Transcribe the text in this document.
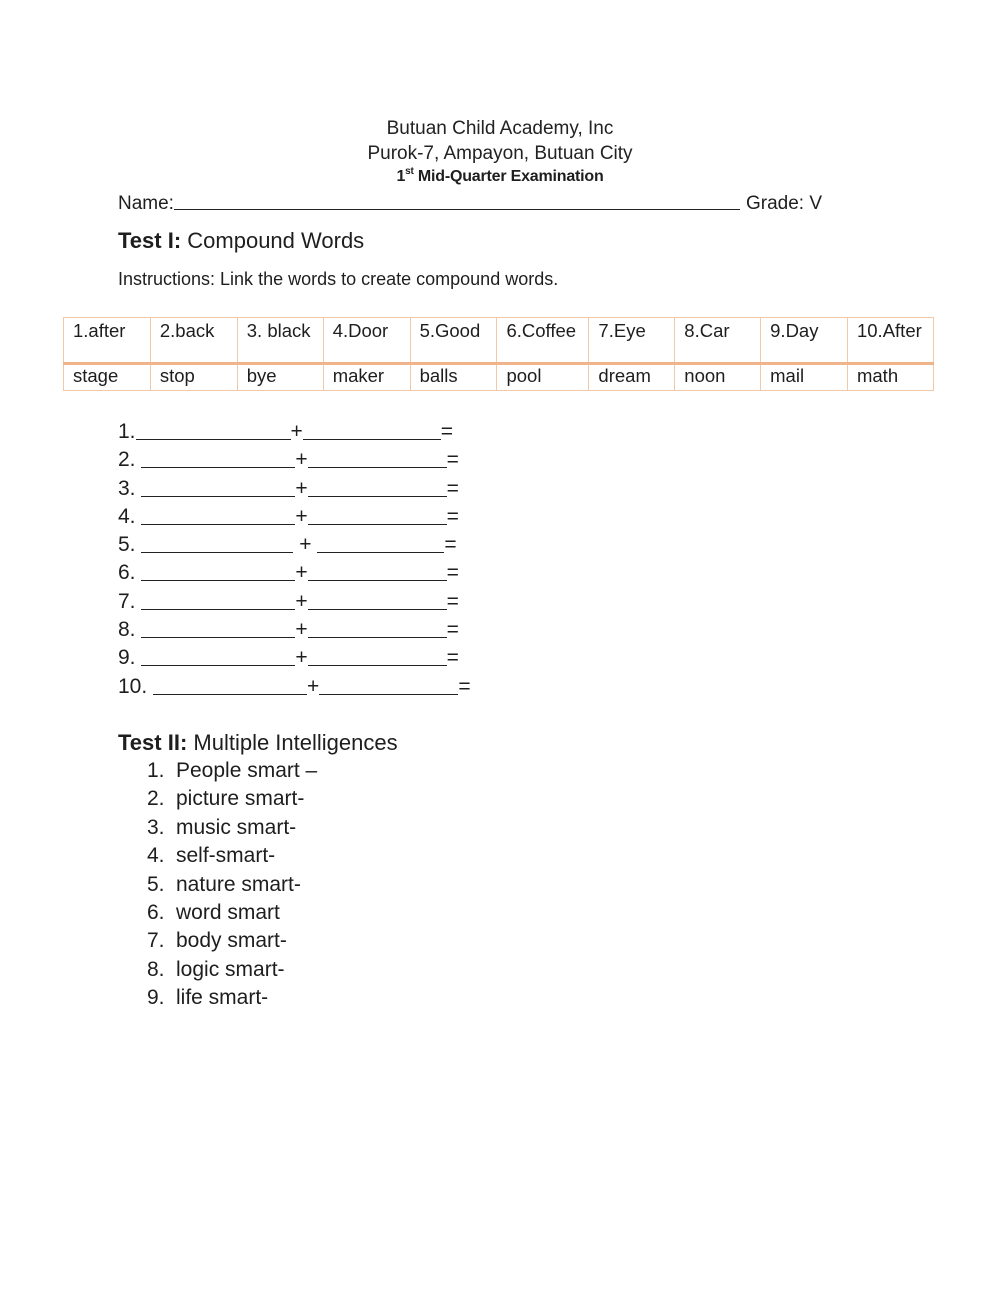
Butuan Child Academy, Inc
Purok-7, Ampayon, Butuan City
1st Mid-Quarter Examination
Name:	Grade: V
Test I: Compound Words
Instructions: Link the words to create compound words.
1.after	2.back	3. black	4.Door	5.Good	6.Coffee	7.Eye	8.Car	9.Day	10.After
stage	stop	bye	maker	balls	pool	dream	noon	mail	math
1.	+	=
2.	+	=
3.	+	=
4.	+	=
5.	+	=
6.	+	=
7.	+	=
8.	+	=
9.	+	=
10.	+	=
Test II: Multiple Intelligences
1. People smart –
2. picture smart-
3. music smart-
4. self-smart-
5. nature smart-
6. word smart
7. body smart-
8. logic smart-
9. life smart-
